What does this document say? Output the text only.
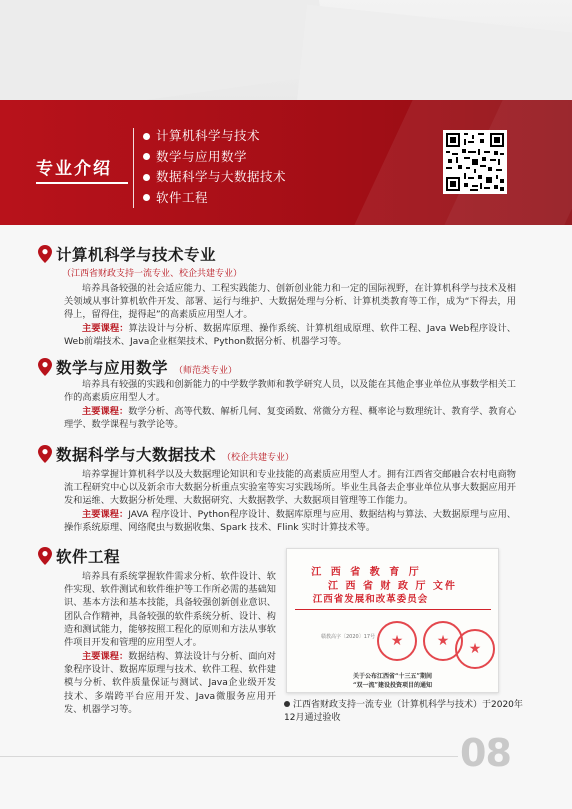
专业介绍
计算机科学与技术
数学与应用数学
数据科学与大数据技术
软件工程
计算机科学与技术专业
（江西省财政支持一流专业、校企共建专业）
培养具备较强的社会适应能力、工程实践能力、创新创业能力和一定的国际视野，在计算机科学与技术及相关领域从事计算机软件开发、部署、运行与维护、大数据处理与分析、计算机类教育等工作，成为“下得去，用得上，留得住，提得起”的高素质应用型人才。
主要课程：算法设计与分析、数据库原理、操作系统、计算机组成原理、软件工程、Java Web程序设计、Web前端技术、Java企业框架技术、Python数据分析、机器学习等。
数学与应用数学 （师范类专业）
培养具有较强的实践和创新能力的中学数学教师和教学研究人员，以及能在其他企事业单位从事数学相关工作的高素质应用型人才。
主要课程：数学分析、高等代数、解析几何、复变函数、常微分方程、概率论与数理统计、教育学、教育心理学、数学课程与教学论等。
数据科学与大数据技术 （校企共建专业）
培养掌握计算机科学以及大数据理论知识和专业技能的高素质应用型人才。拥有江西省交邮融合农村电商物流工程研究中心以及新余市大数据分析重点实验室等实习实践场所。毕业生具备去企事业单位从事大数据应用开发和运维、大数据分析处理、大数据研究、大数据教学、大数据项目管理等工作能力。
主要课程：JAVA 程序设计、Python程序设计、数据库原理与应用、数据结构与算法、大数据原理与应用、操作系统原理、网络爬虫与数据收集、Spark 技术、Flink 实时计算技术等。
软件工程
培养具有系统掌握软件需求分析、软件设计、软件实现、软件测试和软件维护等工作所必需的基础知识、基本方法和基本技能，具备较强创新创业意识、团队合作精神，具备较强的软件系统分析、设计、构造和测试能力，能够按照工程化的原则和方法从事软件项目开发和管理的应用型人才。
主要课程：数据结构、算法设计与分析、面向对象程序设计、数据库原理与技术、软件工程、软件建模与分析、软件质量保证与测试、Java企业级开发技术、多端跨平台应用开发、Java微服务应用开发、机器学习等。
江 西 省 教 育 厅
江 西 省 财 政 厅 文件
江西省发展和改革委员会
赣教高字〔2020〕17号	★	★	★
关于公布江西省“十三五”期间
“双一流”建设投资项目的通知
江西省财政支持一流专业（计算机科学与技术）于2020年12月通过验收
08
